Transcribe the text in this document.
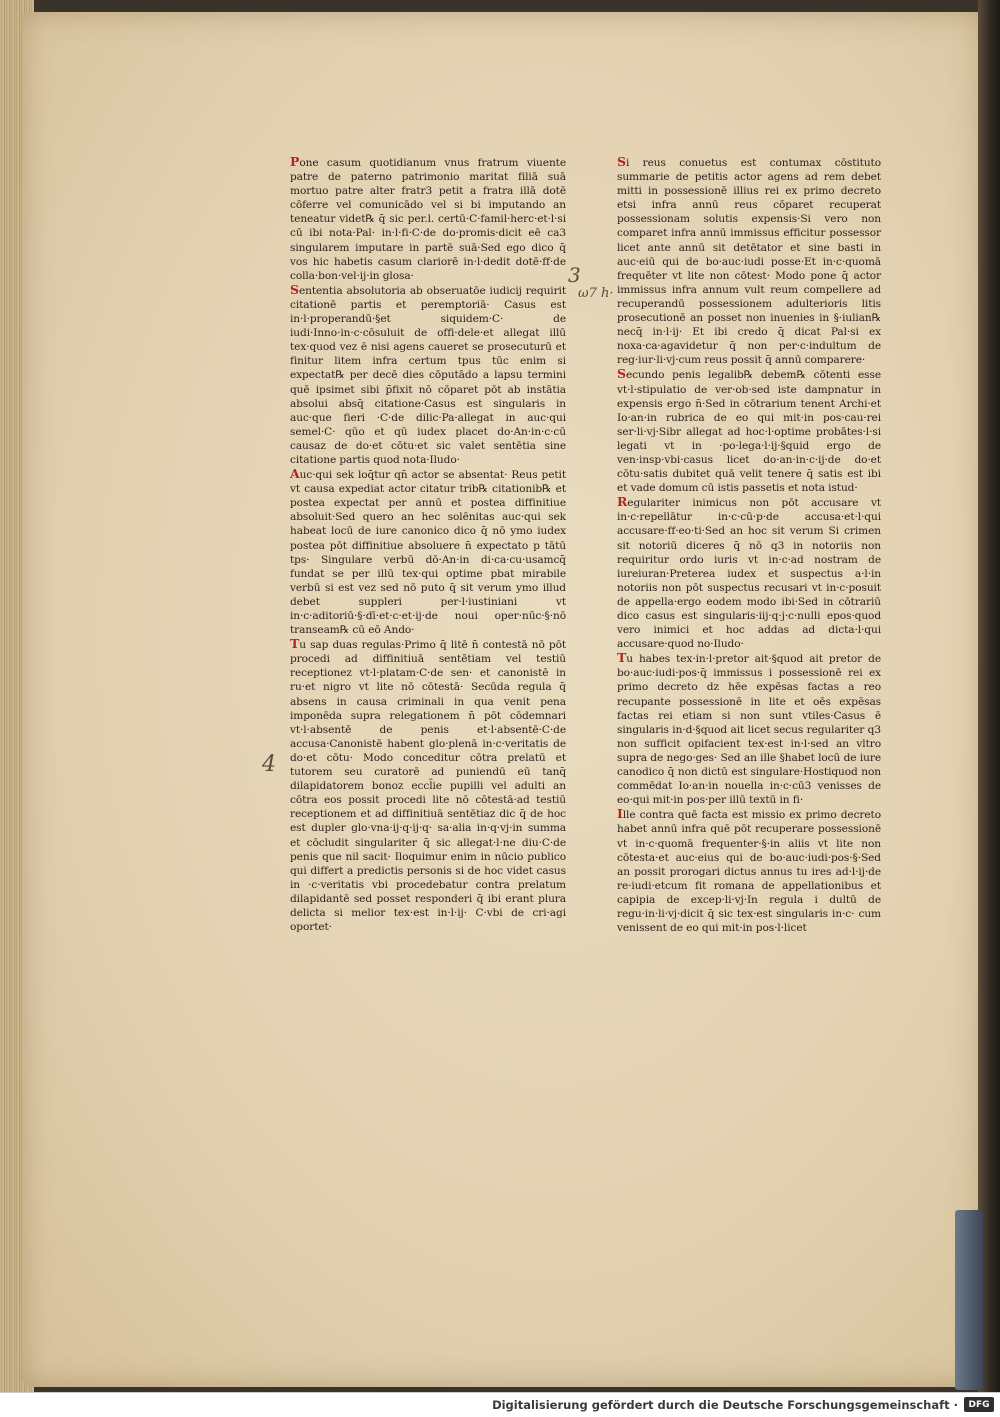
Pone casum quotidianum vnus fratrum viuente patre de paterno patrimonio maritat filiā suā mortuo patre alter fratr3 petit a fratra illā dotē cōferre vel comunicādo vel si bi imputando an teneatur videt℞ q̄ sic per.l. certū·C·famil·herc·et·l·si cū ibi nota·Pal· in·l·fi·C·de do·promis·dicit eē ca3 singularem imputare in partē suā·Sed ego dico q̄ vos hic habetis casum clariorē in·l·dedit dotē·ff·de colla·bon·vel·ij·in glosa·

Sententia absolutoria ab obseruatōe iudicij requirit citationē partis et peremptoriā· Casus est in·l·properandū·§et siquidem·C· de iudi·Inno·in·c·cōsuluit de offi·dele·et allegat illū tex·quod vez ē nisi agens caueret se prosecuturū et finitur litem infra certum tpus tūc enim si expectat℞ per decē dies cōputādo a lapsu termini quē ipsimet sibi p̄fixit nō cōparet pōt ab instātia absolui absq̄ citatione·Casus est singularis in auc·que fieri ·C·de dilic·Pa·allegat in auc·qui semel·C· qūo et qū iudex placet do·An·in·c·cū causaz de do·et cōtu·et sic valet sentētia sine citatione partis quod nota·Iludo·

Auc·qui sek loq̄tur qn̄ actor se absentat· Reus petit vt causa expediat actor citatur trib℞ citationib℞ et postea expectat per annū et postea diffinitiue absoluit·Sed quero an hec solēnitas auc·qui sek habeat locū de iure canonico dico q̄ nō ymo iudex postea pōt diffinitiue absoluere n̄ expectato p tātū tps· Singulare verbū dō·An·in di·ca·cu·usamcq̄ fundat se per illū tex·qui optime pbat mirabile verbū si est vez sed nō puto q̄ sit verum ymo illud debet suppleri per·l·iustiniani vt in·c·aditoriū·§·dī·et·c·et·ij·de noui oper·nūc·§·nō transeam℞ cū eō Ando·

Tu sap duas regulas·Primo q̄ litē n̄ contestā nō pōt procedi ad diffinitiuā sentētiam vel testiū receptionez vt·l·platam·C·de sen· et canonistē in ru·et nigro vt lite nō cōtestā· Secūda regula q̄ absens in causa criminali in qua venit pena imponēda supra relegationem n̄ pōt cōdemnari vt·l·absentē de penis et·l·absentē·C·de accusa·Canonistē habent glo·plenā in·c·veritatis de do·et cōtu· Modo conceditur cōtra prelatū et tutorem seu curatorē ad puniendū eū tanq̄ dilapidatorem bonoz eccl̄ie pupilli vel adulti an cōtra eos possit procedi lite nō cōtestā·ad testiū receptionem et ad diffinitiuā sentētiaz dic q̄ de hoc est dupler glo·vna·ij·q·ij·q· sa·alia in·q·vj·in summa et cōcludit singulariter q̄ sic allegat·l·ne diu·C·de penis que nil sacit· Iloquimur enim in nūcio publico qui differt a predictis personis si de hoc videt casus in ·c·veritatis vbi procedebatur contra prelatum dilapidantē sed posset responderi q̄ ibi erant plura delicta si melior tex·est in·l·ij· C·vbi de cri·agi oportet·

Si reus conuetus est contumax cōstituto summarie de petitis actor agens ad rem debet mitti in possessionē illius rei ex primo decreto etsi infra annū reus cōparet recuperat possessionam solutis expensis·Si vero non comparet infra annū immissus efficitur possessor licet ante annū sit detētator et sine basti in auc·eiū qui de bo·auc·iudi posse·Et in·c·quomā frequēter vt lite non cōtest· Modo pone q̄ actor immissus infra annum vult reum compellere ad recuperandū possessionem adulterioris litis prosecutionē an posset non inuenies in §·iulian℞ necq̄ in·l·ij· Et ibi credo q̄ dicat Pal·si ex noxa·ca·agavidetur q̄ non per·c·indultum de reg·iur·li·vj·cum reus possit q̄ annū comparere·

Secundo penis legalib℞ debem℞ cōtenti esse vt·l·stipulatio de ver·ob·sed iste dampnatur in expensis ergo n̄·Sed in cōtrarium tenent Archi·et Io·an·in rubrica de eo qui mit·in pos·cau·rei ser·li·vj·Sibr allegat ad hoc·l·optime probātes·l·si legati vt in ·po·lega·l·ij·§quid ergo de ven·insp·vbi·casus licet do·an·in·c·ij·de do·et cōtu·satis dubitet quā velit tenere q̄ satis est ibi et vade domum cū istis passetis et nota istud·

Regulariter inimicus non pōt accusare vt in·c·repellātur in·c·cū·p·de accusa·et·l·qui accusare·ff·eo·ti·Sed an hoc sit verum Si crimen sit notoriū diceres q̄ nō q3 in notoriis non requiritur ordo iuris vt in·c·ad nostram de iureiuran·Preterea iudex et suspectus a·l·in notoriis non pōt suspectus recusari vt in·c·posuit de appella·ergo eodem modo ibi·Sed in cōtrariū dico casus est singularis·iij·q·j·c·nulli epos·quod vero inimici et hoc addas ad dicta·l·qui accusare·quod no·Iludo·

Tu habes tex·in·l·pretor ait·§quod ait pretor de bo·auc·iudi·pos·q̄ immissus i possessionē rei ex primo decreto dz hēe expēsas factas a reo recupante possessionē in lite et oēs expēsas factas rei etiam si non sunt vtiles·Casus ē singularis in·d·§quod ait licet secus regulariter q3 non sufficit opifacient tex·est in·l·sed an vltro supra de nego·ges· Sed an ille §habet locū de iure canodico q̄ non dictū est singulare·Hostiquod non commēdat Io·an·in nouella in·c·cū3 venisses de eo·qui mit·in pos·per illū textū in fi·

Ille contra quē facta est missio ex primo decreto habet annū infra quē pōt recuperare possessionē vt in·c·quomā frequenter·§·in aliis vt lite non cōtesta·et auc·eius qui de bo·auc·iudi·pos·§·Sed an possit prorogari dictus annus tu ires ad·l·ij·de re·iudi·etcum fit romana de appellationibus et capipia de excep·li·vj·In regula i dultū de regu·in·li·vj·dicit q̄ sic tex·est singularis in·c· cum venissent de eo qui mit·in pos·l·licet

4
3
ω7 h·
Digitalisierung gefördert durch die Deutsche Forschungsgemeinschaft ·	DFG
